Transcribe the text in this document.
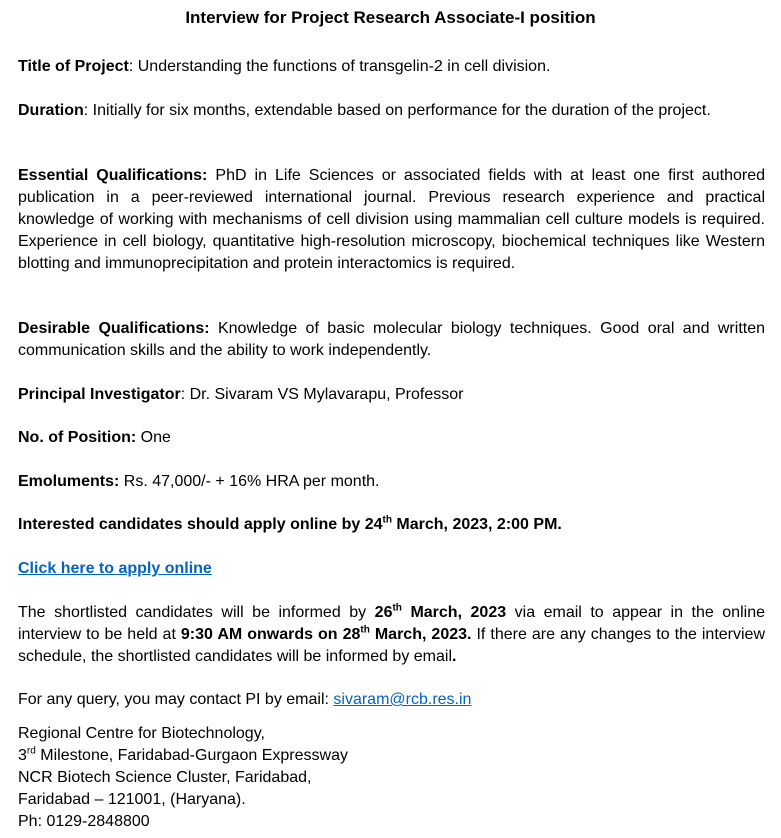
Interview for Project Research Associate-I position
Title of Project: Understanding the functions of transgelin-2 in cell division.
Duration: Initially for six months, extendable based on performance for the duration of the project.
Essential Qualifications: PhD in Life Sciences or associated fields with at least one first authored publication in a peer-reviewed international journal. Previous research experience and practical knowledge of working with mechanisms of cell division using mammalian cell culture models is required. Experience in cell biology, quantitative high-resolution microscopy, biochemical techniques like Western blotting and immunoprecipitation and protein interactomics is required.
Desirable Qualifications: Knowledge of basic molecular biology techniques. Good oral and written communication skills and the ability to work independently.
Principal Investigator: Dr. Sivaram VS Mylavarapu, Professor
No. of Position: One
Emoluments: Rs. 47,000/- + 16% HRA per month.
Interested candidates should apply online by 24th March, 2023, 2:00 PM.
Click here to apply online
The shortlisted candidates will be informed by 26th March, 2023 via email to appear in the online interview to be held at 9:30 AM onwards on 28th March, 2023. If there are any changes to the interview schedule, the shortlisted candidates will be informed by email.
For any query, you may contact PI by email: sivaram@rcb.res.in
Regional Centre for Biotechnology,
3rd Milestone, Faridabad-Gurgaon Expressway
NCR Biotech Science Cluster, Faridabad,
Faridabad – 121001, (Haryana).
Ph: 0129-2848800
